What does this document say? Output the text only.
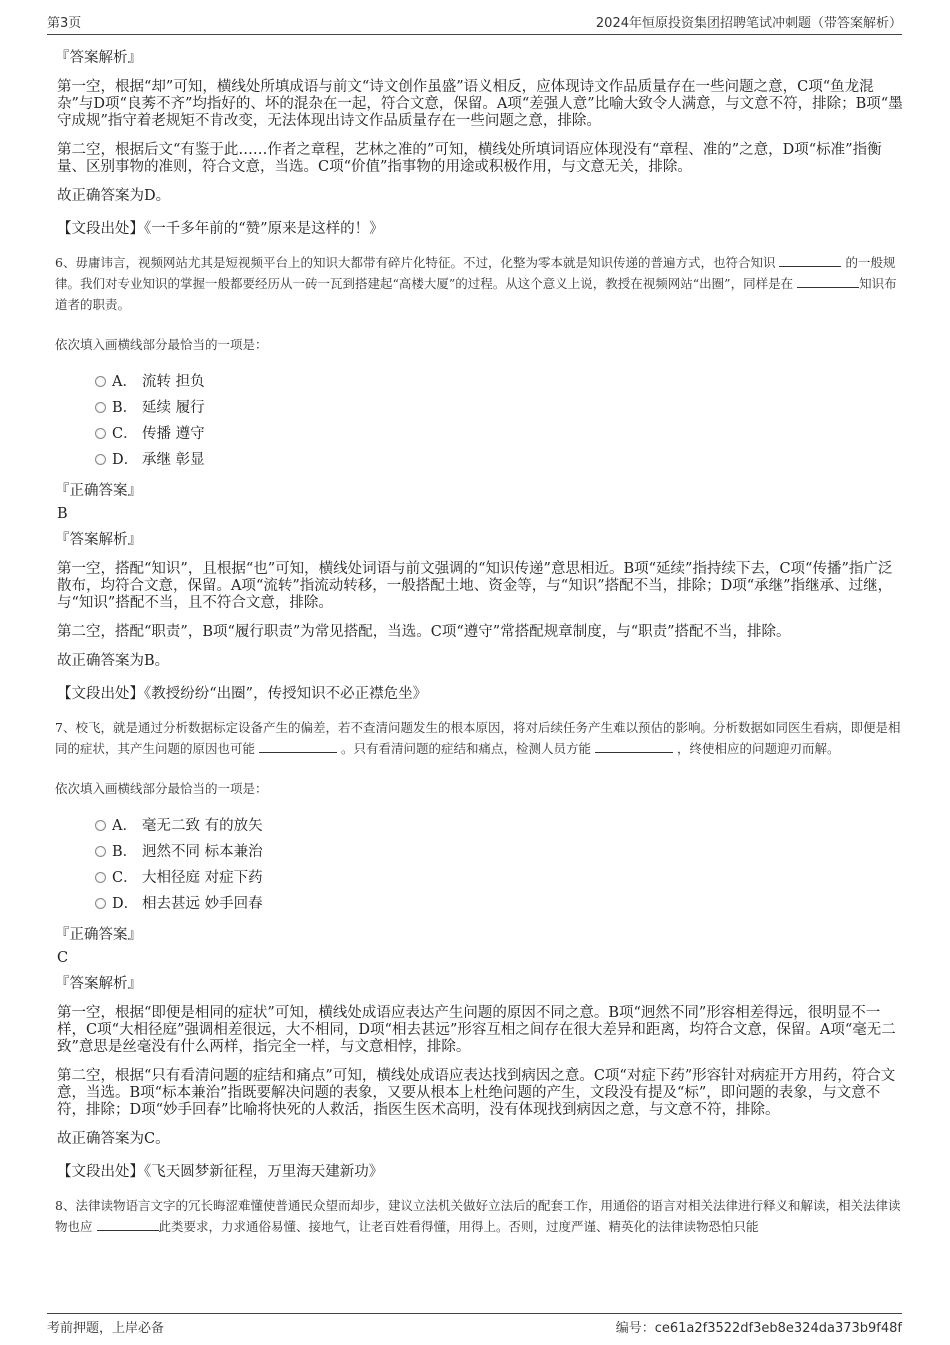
第3页	2024年恒原投资集团招聘笔试冲刺题（带答案解析）
『答案解析』
第一空，根据“却”可知，横线处所填成语与前文“诗文创作虽盛”语义相反，应体现诗文作品质量存在一些问题之意，C项“鱼龙混杂”与D项“良莠不齐”均指好的、坏的混杂在一起，符合文意，保留。A项“差强人意”比喻大致令人满意，与文意不符，排除；B项“墨守成规”指守着老规矩不肯改变，无法体现出诗文作品质量存在一些问题之意，排除。
第二空，根据后文“有鉴于此……作者之章程，艺林之准的”可知，横线处所填词语应体现没有“章程、准的”之意，D项“标准”指衡量、区别事物的准则，符合文意，当选。C项“价值”指事物的用途或积极作用，与文意无关，排除。
故正确答案为D。
【文段出处】《一千多年前的“赞”原来是这样的！》
6、毋庸讳言，视频网站尤其是短视频平台上的知识大都带有碎片化特征。不过，化整为零本就是知识传递的普遍方式，也符合知识	的一般规律。我们对专业知识的掌握一般都要经历从一砖一瓦到搭建起“高楼大厦”的过程。从这个意义上说，教授在视频网站“出圈”，同样是在	知识布道者的职责。
依次填入画横线部分最恰当的一项是：
A． 流转 担负
B． 延续 履行
C． 传播 遵守
D． 承继 彰显
『正确答案』
B
『答案解析』
第一空，搭配“知识”，且根据“也”可知，横线处词语与前文强调的“知识传递”意思相近。B项“延续”指持续下去，C项“传播”指广泛散布，均符合文意，保留。A项“流转”指流动转移，一般搭配土地、资金等，与“知识”搭配不当，排除；D项“承继”指继承、过继，与“知识”搭配不当，且不符合文意，排除。
第二空，搭配“职责”，B项“履行职责”为常见搭配，当选。C项“遵守”常搭配规章制度，与“职责”搭配不当，排除。
故正确答案为B。
【文段出处】《教授纷纷“出圈”，传授知识不必正襟危坐》
7、校飞，就是通过分析数据标定设备产生的偏差，若不查清问题发生的根本原因，将对后续任务产生难以预估的影响。分析数据如同医生看病，即便是相同的症状，其产生问题的原因也可能	。只有看清问题的症结和痛点，检测人员方能	，终使相应的问题迎刃而解。
依次填入画横线部分最恰当的一项是：
A． 毫无二致 有的放矢
B． 迥然不同 标本兼治
C． 大相径庭 对症下药
D． 相去甚远 妙手回春
『正确答案』
C
『答案解析』
第一空，根据“即便是相同的症状”可知，横线处成语应表达产生问题的原因不同之意。B项“迥然不同”形容相差得远，很明显不一样，C项“大相径庭”强调相差很远，大不相同，D项“相去甚远”形容互相之间存在很大差异和距离，均符合文意，保留。A项“毫无二致”意思是丝毫没有什么两样，指完全一样，与文意相悖，排除。
第二空，根据“只有看清问题的症结和痛点”可知，横线处成语应表达找到病因之意。C项“对症下药”形容针对病症开方用药，符合文意，当选。B项“标本兼治”指既要解决问题的表象，又要从根本上杜绝问题的产生，文段没有提及“标”，即问题的表象，与文意不符，排除；D项“妙手回春”比喻将快死的人救活，指医生医术高明，没有体现找到病因之意，与文意不符，排除。
故正确答案为C。
【文段出处】《飞天圆梦新征程，万里海天建新功》
8、法律读物语言文字的冗长晦涩难懂使普通民众望而却步，建议立法机关做好立法后的配套工作，用通俗的语言对相关法律进行释义和解读，相关法律读物也应	此类要求，力求通俗易懂、接地气，让老百姓看得懂，用得上。否则，过度严谨、精英化的法律读物恐怕只能
考前押题，上岸必备	编号：ce61a2f3522df3eb8e324da373b9f48f
